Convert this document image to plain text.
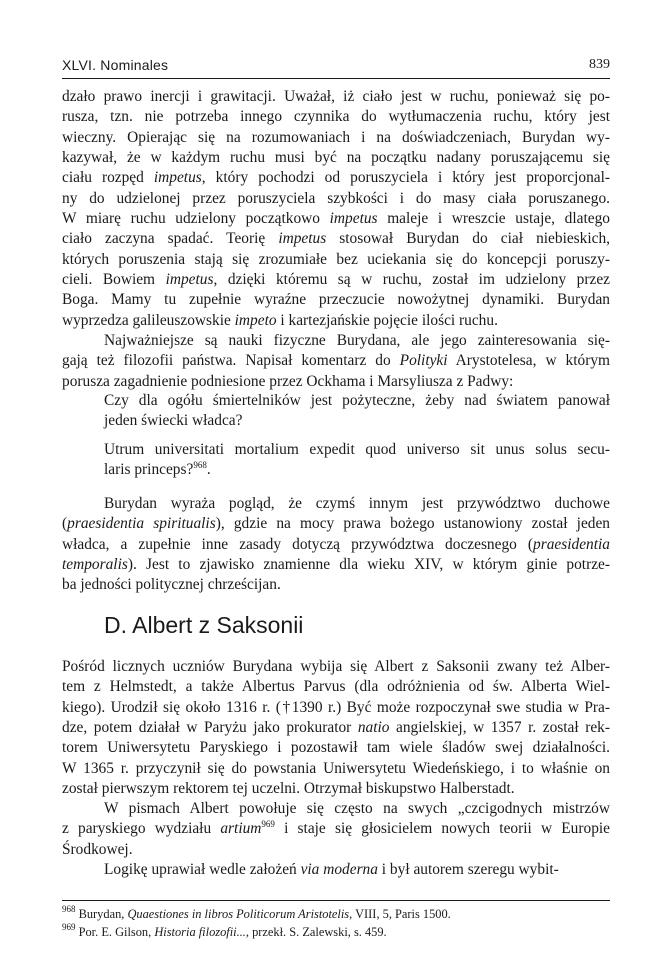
XLVI. Nominales	839
dzało prawo inercji i grawitacji. Uważał, iż ciało jest w ruchu, ponieważ się po-
rusza, tzn. nie potrzeba innego czynnika do wytłumaczenia ruchu, który jest
wieczny. Opierając się na rozumowaniach i na doświadczeniach, Burydan wy-
kazywał, że w każdym ruchu musi być na początku nadany poruszającemu się
ciału rozpęd impetus, który pochodzi od poruszyciela i który jest proporcjonal-
ny do udzielonej przez poruszyciela szybkości i do masy ciała poruszanego.
W miarę ruchu udzielony początkowo impetus maleje i wreszcie ustaje, dlatego
ciało zaczyna spadać. Teorię impetus stosował Burydan do ciał niebieskich,
których poruszenia stają się zrozumiałe bez uciekania się do koncepcji poruszy-
cieli. Bowiem impetus, dzięki któremu są w ruchu, został im udzielony przez
Boga. Mamy tu zupełnie wyraźne przeczucie nowożytnej dynamiki. Burydan
wyprzedza galileuszowskie impeto i kartezjańskie pojęcie ilości ruchu.
Najważniejsze są nauki fizyczne Burydana, ale jego zainteresowania się-
gają też filozofii państwa. Napisał komentarz do Polityki Arystotelesa, w którym
porusza zagadnienie podniesione przez Ockhama i Marsyliusza z Padwy:
Czy dla ogółu śmiertelników jest pożyteczne, żeby nad światem panował
jeden świecki władca?
Utrum universitati mortalium expedit quod universo sit unus solus secu-
laris princeps?$^{968}$.
Burydan wyraża pogląd, że czymś innym jest przywództwo duchowe
(praesidentia spiritualis), gdzie na mocy prawa bożego ustanowiony został jeden
władca, a zupełnie inne zasady dotyczą przywództwa doczesnego (praesidentia
temporalis). Jest to zjawisko znamienne dla wieku XIV, w którym ginie potrze-
ba jedności politycznej chrześcijan.
D. Albert z Saksonii
Pośród licznych uczniów Burydana wybija się Albert z Saksonii zwany też Alber-
tem z Helmstedt, a także Albertus Parvus (dla odróżnienia od św. Alberta Wiel-
kiego). Urodził się około 1316 r. (†1390 r.) Być może rozpoczynał swe studia w Pra-
dze, potem działał w Paryżu jako prokurator natio angielskiej, w 1357 r. został rek-
torem Uniwersytetu Paryskiego i pozostawił tam wiele śladów swej działalności.
W 1365 r. przyczynił się do powstania Uniwersytetu Wiedeńskiego, i to właśnie on
został pierwszym rektorem tej uczelni. Otrzymał biskupstwo Halberstadt.
W pismach Albert powołuje się często na swych „czcigodnych mistrzów
z paryskiego wydziału artium$^{969}$ i staje się głosicielem nowych teorii w Europie
Środkowej.
Logikę uprawiał wedle założeń via moderna i był autorem szeregu wybit-
$^{968}$ Burydan, Quaestiones in libros Politicorum Aristotelis, VIII, 5, Paris 1500.
$^{969}$ Por. E. Gilson, Historia filozofii..., przekł. S. Zalewski, s. 459.
